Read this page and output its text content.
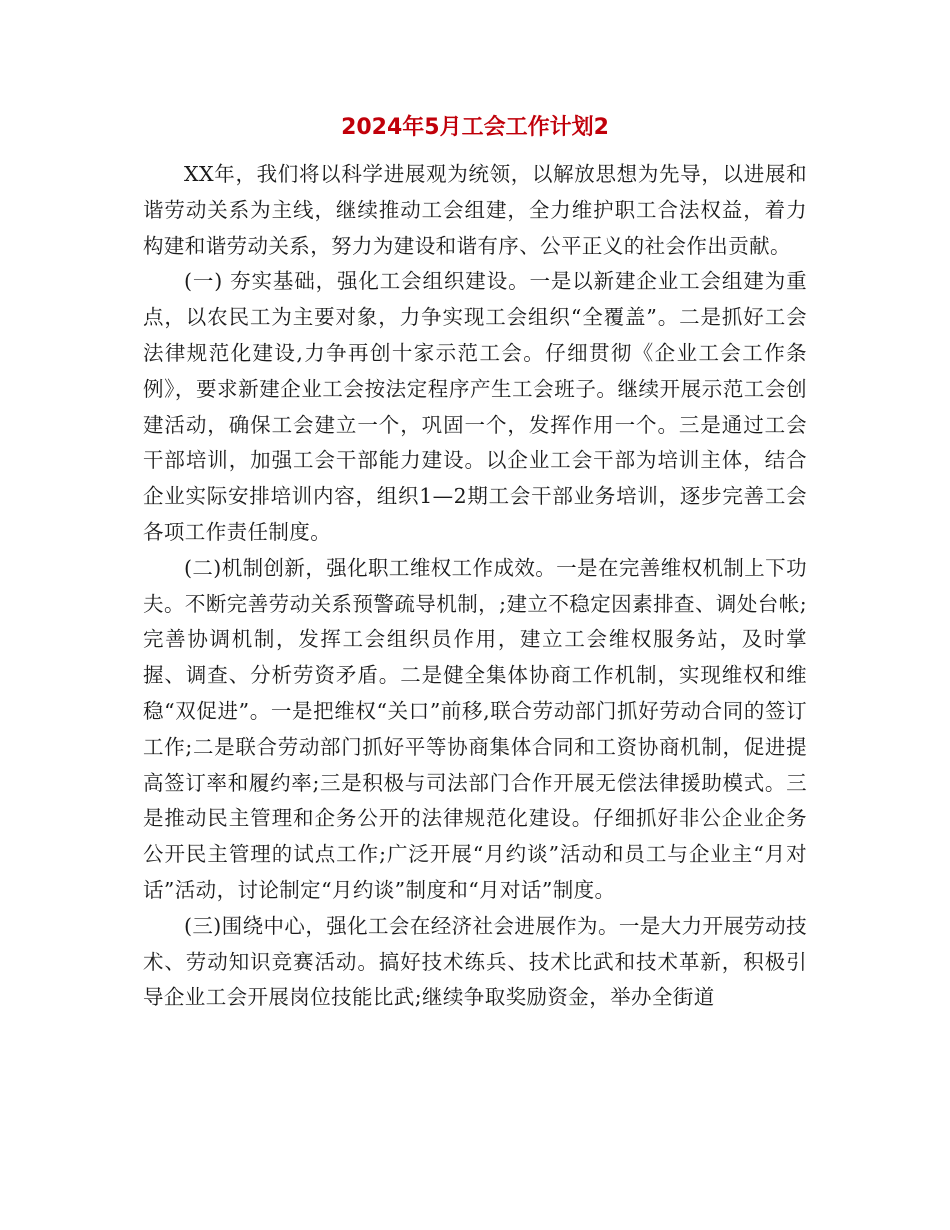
2024年5月工会工作计划2

XX年，我们将以科学进展观为统领，以解放思想为先导，以进展和谐劳动关系为主线，继续推动工会组建，全力维护职工合法权益，着力构建和谐劳动关系，努力为建设和谐有序、公平正义的社会作出贡献。

(一) 夯实基础，强化工会组织建设。一是以新建企业工会组建为重点，以农民工为主要对象，力争实现工会组织“全覆盖”。二是抓好工会法律规范化建设,力争再创十家示范工会。仔细贯彻《企业工会工作条例》，要求新建企业工会按法定程序产生工会班子。继续开展示范工会创建活动，确保工会建立一个，巩固一个，发挥作用一个。三是通过工会干部培训，加强工会干部能力建设。以企业工会干部为培训主体，结合企业实际安排培训内容，组织1—2期工会干部业务培训，逐步完善工会各项工作责任制度。

(二)机制创新，强化职工维权工作成效。一是在完善维权机制上下功夫。不断完善劳动关系预警疏导机制，;建立不稳定因素排查、调处台帐;完善协调机制，发挥工会组织员作用，建立工会维权服务站，及时掌握、调查、分析劳资矛盾。二是健全集体协商工作机制，实现维权和维稳“双促进”。一是把维权“关口”前移,联合劳动部门抓好劳动合同的签订工作;二是联合劳动部门抓好平等协商集体合同和工资协商机制，促进提高签订率和履约率;三是积极与司法部门合作开展无偿法律援助模式。三是推动民主管理和企务公开的法律规范化建设。仔细抓好非公企业企务公开民主管理的试点工作;广泛开展“月约谈”活动和员工与企业主“月对话”活动，讨论制定“月约谈”制度和“月对话”制度。

(三)围绕中心，强化工会在经济社会进展作为。一是大力开展劳动技术、劳动知识竞赛活动。搞好技术练兵、技术比武和技术革新，积极引导企业工会开展岗位技能比武;继续争取奖励资金，举办全街道
